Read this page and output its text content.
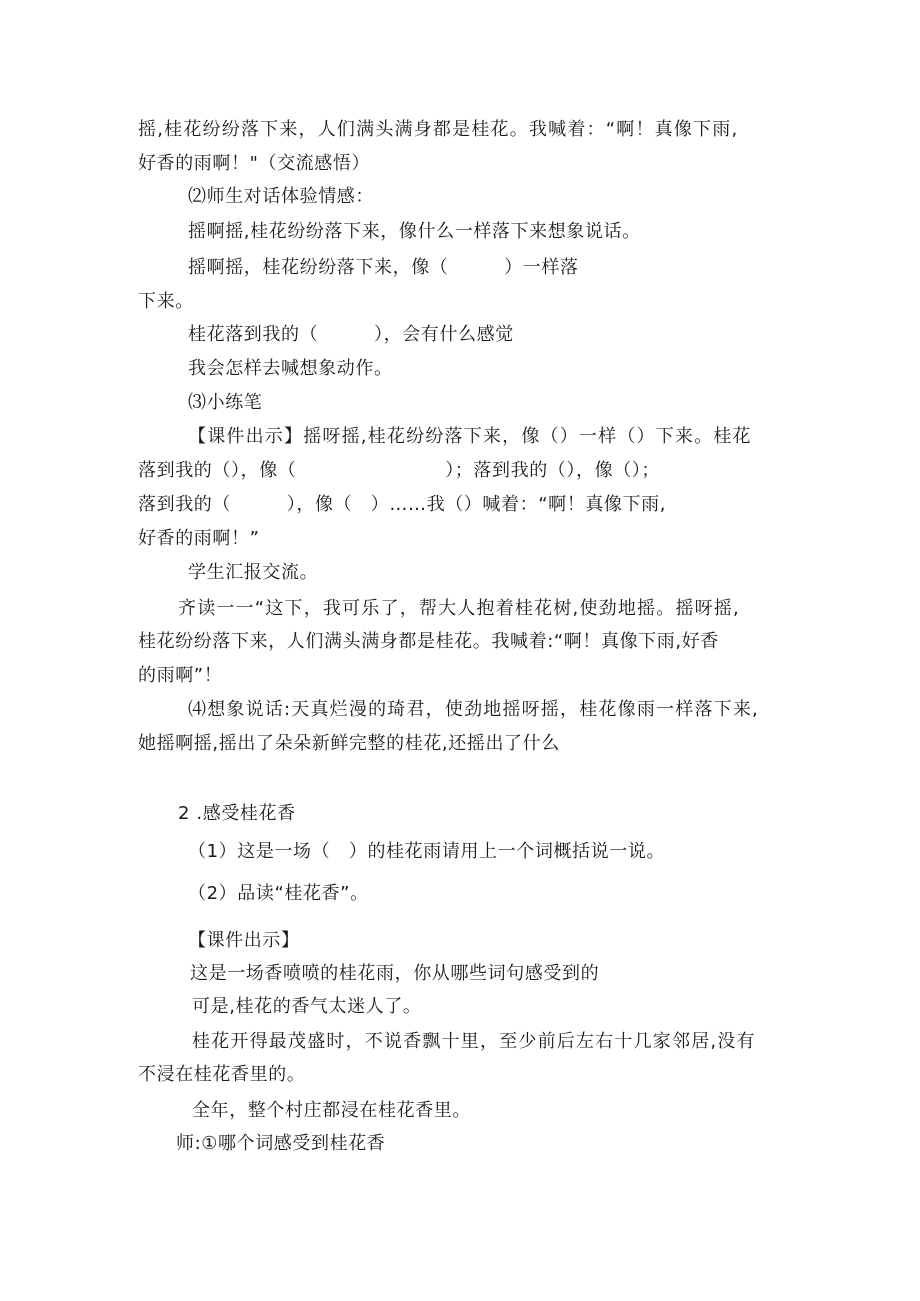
摇,桂花纷纷落下来，人们满头满身都是桂花。我喊着：“啊！真像下雨,
好香的雨啊！"（交流感悟）
⑵师生对话体验情感：
摇啊摇,桂花纷纷落下来，像什么一样落下来想象说话。
摇啊摇，桂花纷纷落下来，像（　　　）一样落
下来。
桂花落到我的（　　　），会有什么感觉
我会怎样去喊想象动作。
⑶小练笔
【课件出示】摇呀摇,桂花纷纷落下来，像（）一样（）下来。桂花
落到我的（），像（　　　　　　　　）；落到我的（），像（）；
落到我的（　　　），像（　）……我（）喊着：“啊！真像下雨,
好香的雨啊！”
学生汇报交流。
齐读一一“这下，我可乐了，帮大人抱着桂花树,使劲地摇。摇呀摇,
桂花纷纷落下来，人们满头满身都是桂花。我喊着:“啊！真像下雨,好香
的雨啊”！
⑷想象说话:天真烂漫的琦君，使劲地摇呀摇，桂花像雨一样落下来,
她摇啊摇,摇出了朵朵新鲜完整的桂花,还摇出了什么
2 .感受桂花香
（1）这是一场（　）的桂花雨请用上一个词概括说一说。
（2）品读“桂花香”。
【课件出示】
这是一场香喷喷的桂花雨，你从哪些词句感受到的
可是,桂花的香气太迷人了。
桂花开得最茂盛时，不说香飘十里，至少前后左右十几家邻居,没有
不浸在桂花香里的。
全年，整个村庄都浸在桂花香里。
师:①哪个词感受到桂花香
